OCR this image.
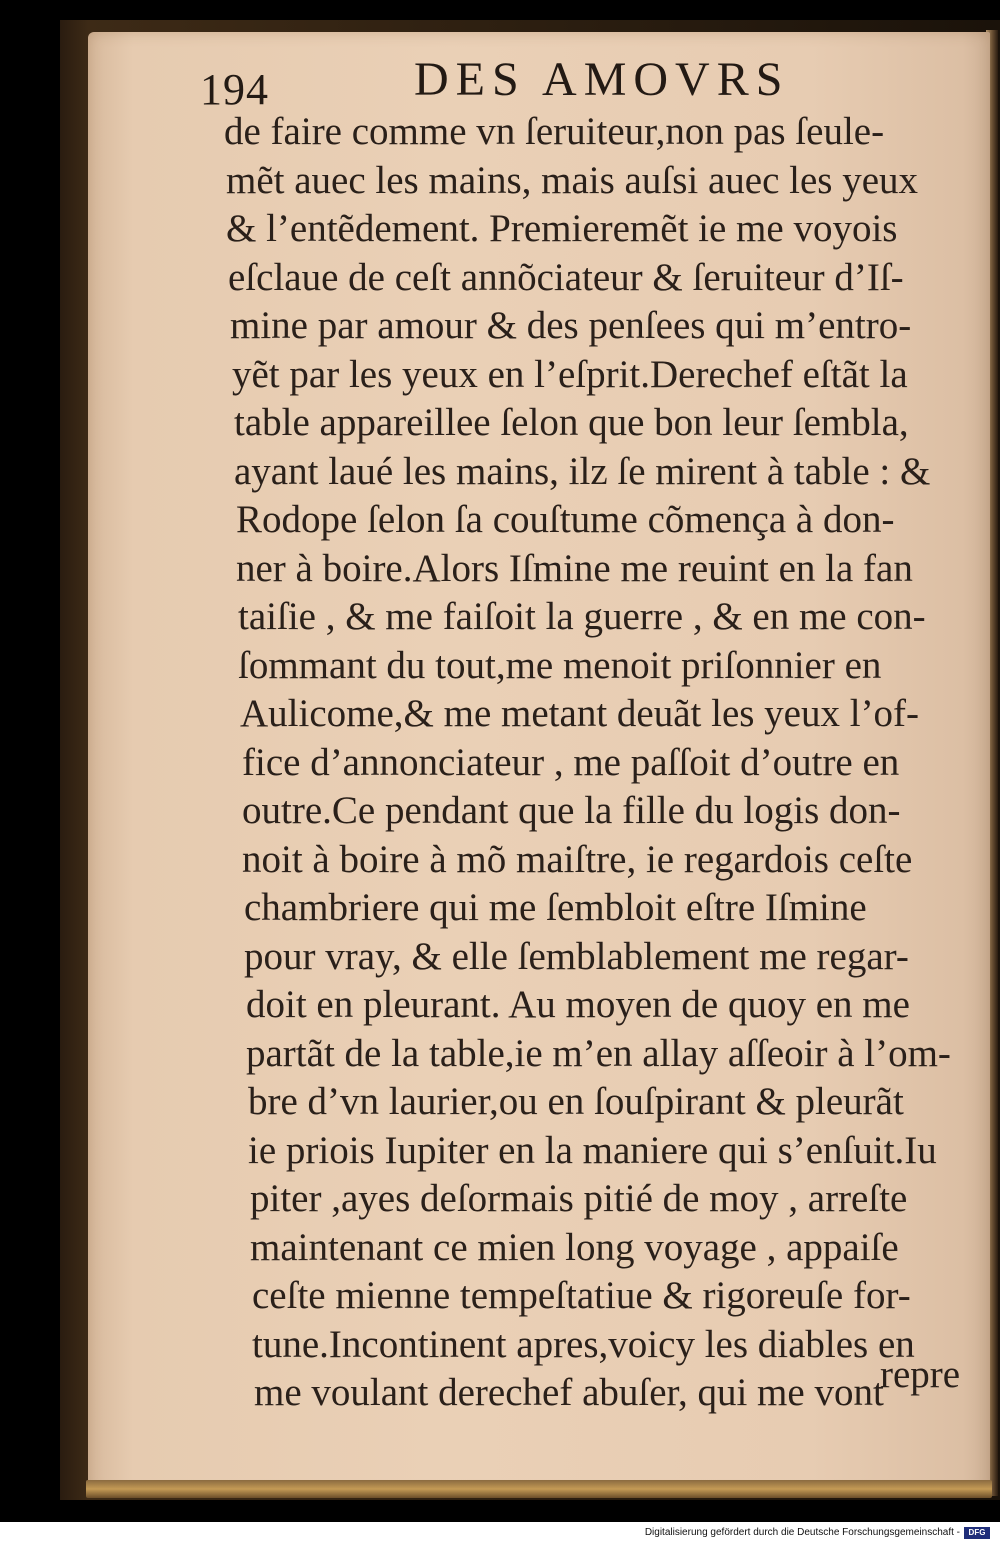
194	DES AMOVRS
de faire comme vn ſeruiteur,non pas ſeule-
mẽt auec les mains, mais auſsi auec les yeux
& l’entẽdement. Premieremẽt ie me voyois
eſclaue de ceſt annõciateur & ſeruiteur d’Iſ-
mine par amour & des penſees qui m’entro-
yẽt par les yeux en l’eſprit.Derechef eſtãt la
table appareillee ſelon que bon leur ſembla,
ayant laué les mains, ilz ſe mirent à table : &
Rodope ſelon ſa couſtume cõmença à don-
ner à boire.Alors Iſmine me reuint en la fan
taiſie , & me faiſoit la guerre , & en me con-
ſommant du tout,me menoit priſonnier en
Aulicome,& me metant deuãt les yeux l’of-
fice d’annonciateur , me paſſoit d’outre en
outre.Ce pendant que la fille du logis don-
noit à boire à mõ maiſtre, ie regardois ceſte
chambriere qui me ſembloit eſtre Iſmine
pour vray, & elle ſemblablement me regar-
doit en pleurant. Au moyen de quoy en me
partãt de la table,ie m’en allay aſſeoir à l’om-
bre d’vn laurier,ou en ſouſpirant & pleurãt
ie priois Iupiter en la maniere qui s’enſuit.Iu
piter ,ayes deſormais pitié de moy , arreſte
maintenant ce mien long voyage , appaiſe
ceſte mienne tempeſtatiue & rigoreuſe for-
tune.Incontinent apres,voicy les diables en
me voulant derechef abuſer, qui me vont
repre
Digitalisierung gefördert durch die Deutsche Forschungsgemeinschaft -	DFG
